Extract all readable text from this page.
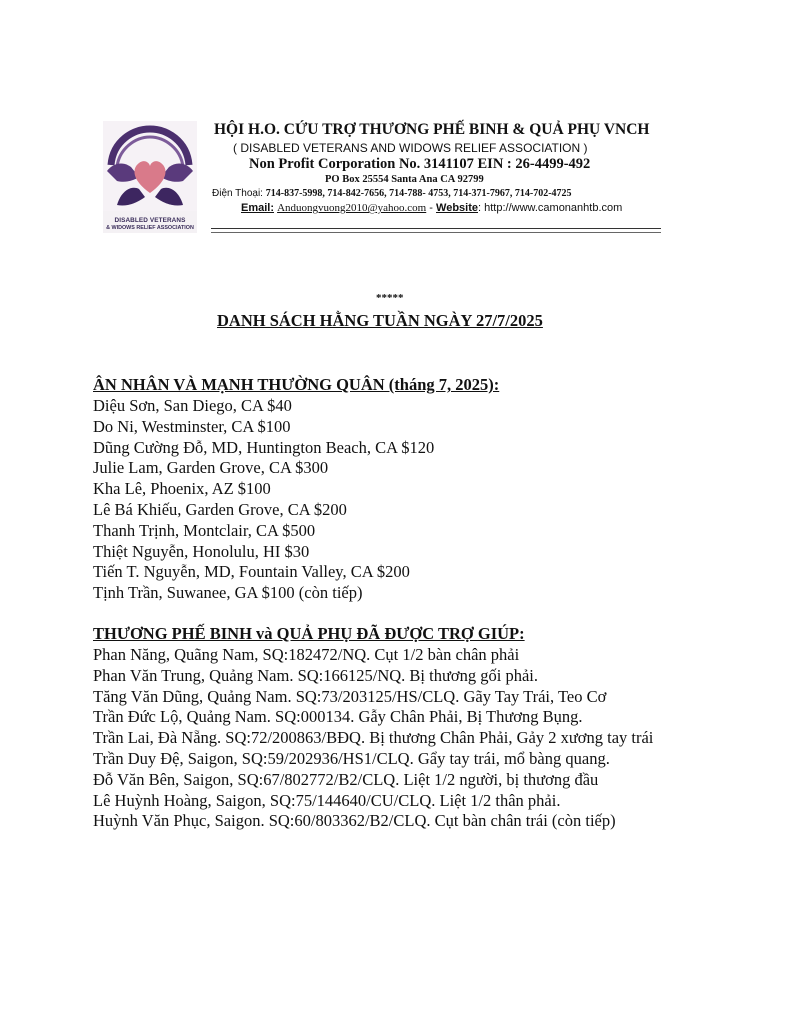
DISABLED VETERANS
& WIDOWS RELIEF ASSOCIATION
HỘI H.O. CỨU TRỢ THƯƠNG PHẾ BINH & QUẢ PHỤ VNCH
( DISABLED VETERANS AND WIDOWS RELIEF ASSOCIATION )
Non Profit Corporation No. 3141107 EIN : 26-4499-492
PO Box 25554 Santa Ana CA 92799
Điện Thoại: 714-837-5998, 714-842-7656, 714-788- 4753, 714-371-7967, 714-702-4725
Email: Anduongvuong2010@yahoo.com - Website: http://www.camonanhtb.com
*****
DANH SÁCH HẰNG TUẦN NGÀY 27/7/2025
ÂN NHÂN VÀ MẠNH THƯỜNG QUÂN (tháng 7, 2025):
Diệu Sơn, San Diego, CA $40
Do Ni, Westminster, CA $100
Dũng Cường Đỗ, MD, Huntington Beach, CA $120
Julie Lam, Garden Grove, CA $300
Kha Lê, Phoenix, AZ $100
Lê Bá Khiếu, Garden Grove, CA $200
Thanh Trịnh, Montclair, CA $500
Thiệt Nguyễn, Honolulu, HI $30
Tiến T. Nguyễn, MD, Fountain Valley, CA $200
Tịnh Trần, Suwanee, GA $100 (còn tiếp)
THƯƠNG PHẾ BINH và QUẢ PHỤ ĐÃ ĐƯỢC TRỢ GIÚP:
Phan Năng, Quãng Nam, SQ:182472/NQ. Cụt 1/2 bàn chân phải
Phan Văn Trung, Quảng Nam. SQ:166125/NQ. Bị thương gối phải.
Tăng Văn Dũng, Quảng Nam. SQ:73/203125/HS/CLQ. Gãy Tay Trái, Teo Cơ
Trần Đức Lộ, Quảng Nam. SQ:000134. Gẫy Chân Phải, Bị Thương Bụng.
Trần Lai, Đà Nẵng. SQ:72/200863/BĐQ. Bị thương Chân Phải, Gảy 2 xương tay trái
Trần Duy Đệ, Saigon, SQ:59/202936/HS1/CLQ. Gẩy tay trái, mổ bàng quang.
Đỗ Văn Bên, Saigon, SQ:67/802772/B2/CLQ. Liệt 1/2 người, bị thương đầu
Lê Huỳnh Hoàng, Saigon, SQ:75/144640/CU/CLQ. Liệt 1/2 thân phải.
Huỳnh Văn Phục, Saigon. SQ:60/803362/B2/CLQ. Cụt bàn chân trái (còn tiếp)
